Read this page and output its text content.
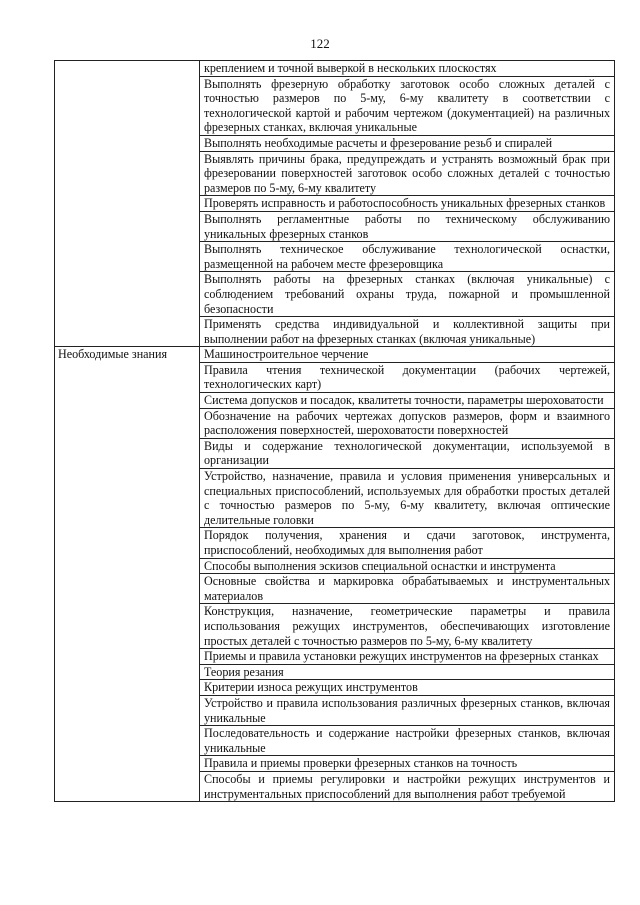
122
	креплением и точной выверкой в нескольких плоскостях
	Выполнять фрезерную обработку заготовок особо сложных деталей с точностью размеров по 5-му, 6-му квалитету в соответствии с технологической картой и рабочим чертежом (документацией) на различных фрезерных станках, включая уникальные
	Выполнять необходимые расчеты и фрезерование резьб и спиралей
	Выявлять причины брака, предупреждать и устранять возможный брак при фрезеровании поверхностей заготовок особо сложных деталей с точностью размеров по 5-му, 6-му квалитету
	Проверять исправность и работоспособность уникальных фрезерных станков
	Выполнять регламентные работы по техническому обслуживанию уникальных фрезерных станков
	Выполнять техническое обслуживание технологической оснастки, размещенной на рабочем месте фрезеровщика
	Выполнять работы на фрезерных станках (включая уникальные) с соблюдением требований охраны труда, пожарной и промышленной безопасности
	Применять средства индивидуальной и коллективной защиты при выполнении работ на фрезерных станках (включая уникальные)
Необходимые знания	Машиностроительное черчение
	Правила чтения технической документации (рабочих чертежей, технологических карт)
	Система допусков и посадок, квалитеты точности, параметры шероховатости
	Обозначение на рабочих чертежах допусков размеров, форм и взаимного расположения поверхностей, шероховатости поверхностей
	Виды и содержание технологической документации, используемой в организации
	Устройство, назначение, правила и условия применения универсальных и специальных приспособлений, используемых для обработки простых деталей с точностью размеров по 5-му, 6-му квалитету, включая оптические делительные головки
	Порядок получения, хранения и сдачи заготовок, инструмента, приспособлений, необходимых для выполнения работ
	Способы выполнения эскизов специальной оснастки и инструмента
	Основные свойства и маркировка обрабатываемых и инструментальных материалов
	Конструкция, назначение, геометрические параметры и правила использования режущих инструментов, обеспечивающих изготовление простых деталей с точностью размеров по 5-му, 6-му квалитету
	Приемы и правила установки режущих инструментов на фрезерных станках
	Теория резания
	Критерии износа режущих инструментов
	Устройство и правила использования различных фрезерных станков, включая уникальные
	Последовательность и содержание настройки фрезерных станков, включая уникальные
	Правила и приемы проверки фрезерных станков на точность
	Способы и приемы регулировки и настройки режущих инструментов и инструментальных приспособлений для выполнения работ требуемой
